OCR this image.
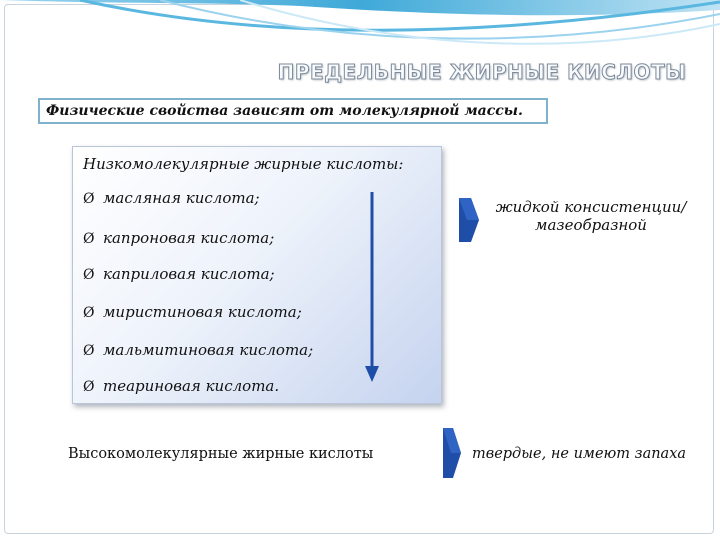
ПРЕДЕЛЬНЫЕ ЖИРНЫЕ КИСЛОТЫ
Физические свойства зависят от молекулярной массы.
Низкомолекулярные жирные кислоты:
Ø масляная кислота;
Ø капроновая кислота;
Ø каприловая кислота;
Ø миристиновая кислота;
Ø мальмитиновая кислота;
Ø теариновая кислота.
жидкой консистенции/ мазеобразной
Высокомолекулярные жирные кислоты	твердые, не имеют запаха
